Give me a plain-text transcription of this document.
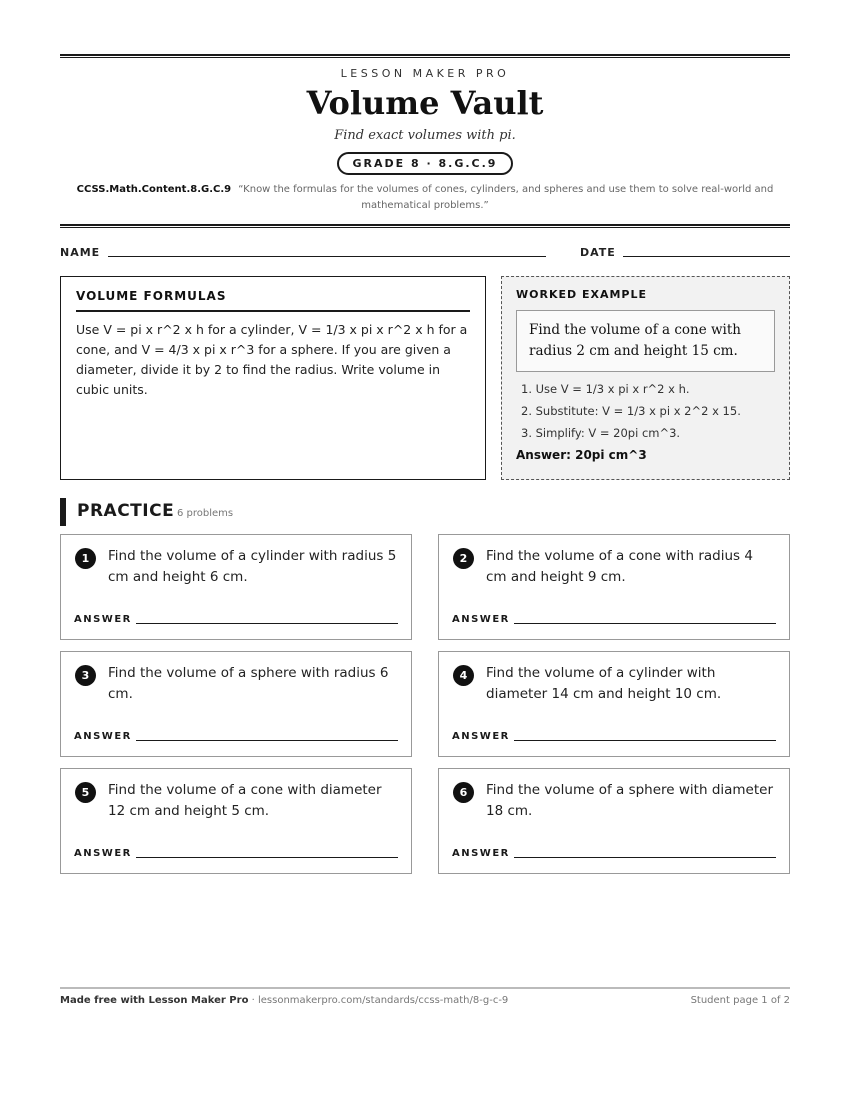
LESSON MAKER PRO
Volume Vault
Find exact volumes with pi.
GRADE 8 · 8.G.C.9
CCSS.Math.Content.8.G.C.9 “Know the formulas for the volumes of cones, cylinders, and spheres and use them to solve real-world and mathematical problems.”
NAME	DATE
VOLUME FORMULAS
Use V = pi x r^2 x h for a cylinder, V = 1/3 x pi x r^2 x h for a cone, and V = 4/3 x pi x r^3 for a sphere. If you are given a diameter, divide it by 2 to find the radius. Write volume in cubic units.
WORKED EXAMPLE
Find the volume of a cone with radius 2 cm and height 15 cm.
1. Use V = 1/3 x pi x r^2 x h.
2. Substitute: V = 1/3 x pi x 2^2 x 15.
3. Simplify: V = 20pi cm^3.
Answer: 20pi cm^3
PRACTICE 6 problems
1	Find the volume of a cylinder with radius 5 cm and height 6 cm.
ANSWER
2	Find the volume of a cone with radius 4 cm and height 9 cm.
ANSWER
3	Find the volume of a sphere with radius 6 cm.
ANSWER
4	Find the volume of a cylinder with diameter 14 cm and height 10 cm.
ANSWER
5	Find the volume of a cone with diameter 12 cm and height 5 cm.
ANSWER
6	Find the volume of a sphere with diameter 18 cm.
ANSWER
Made free with Lesson Maker Pro · lessonmakerpro.com/standards/ccss-math/8-g-c-9	Student page 1 of 2
